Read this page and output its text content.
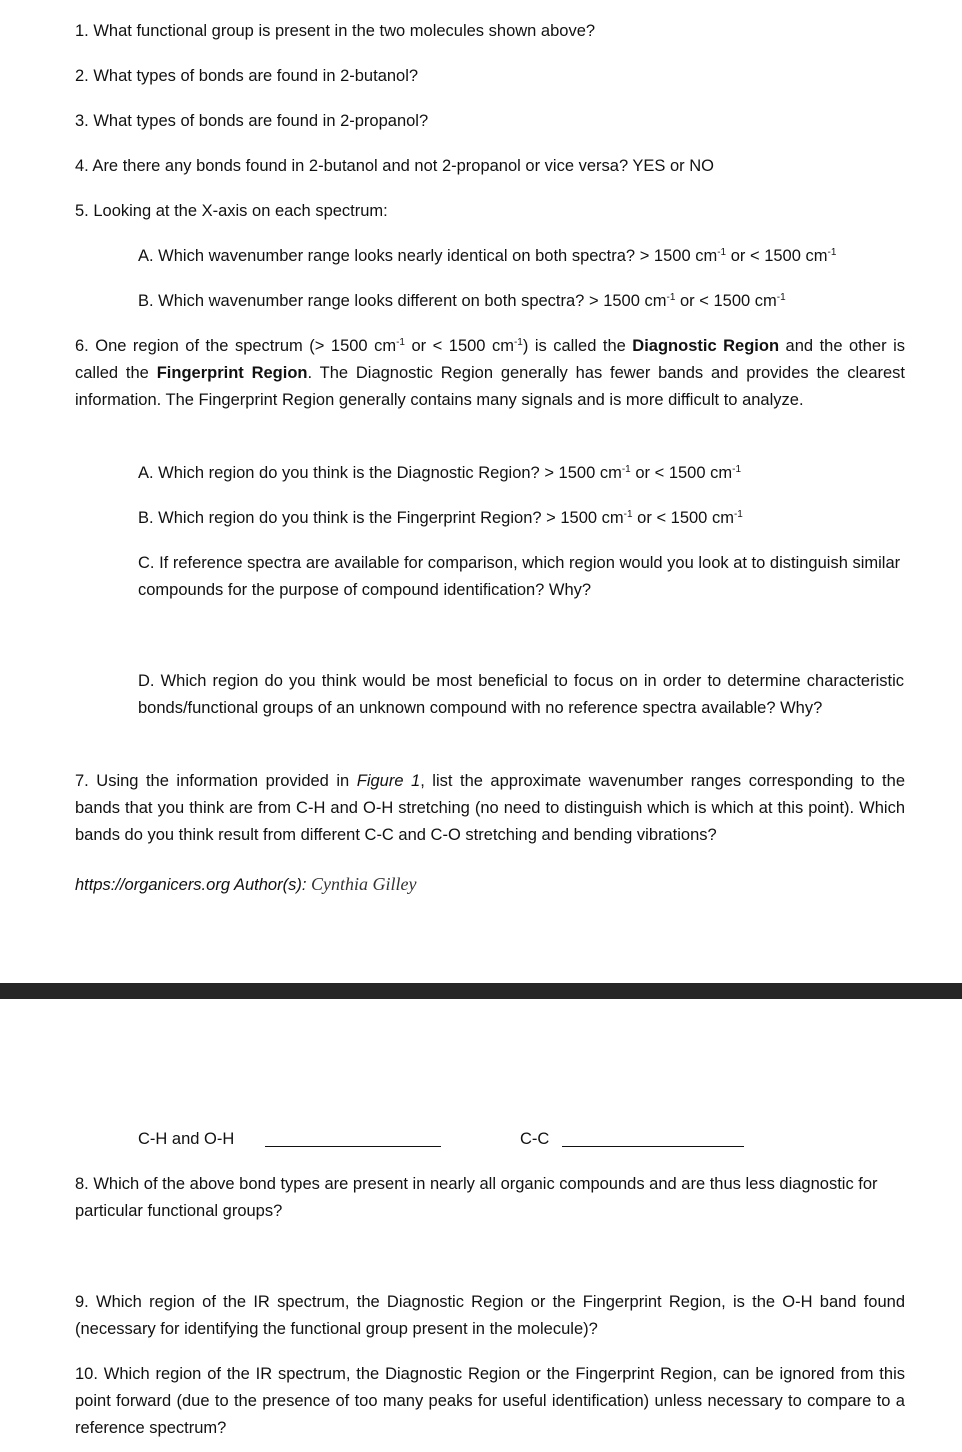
1. What functional group is present in the two molecules shown above?

2. What types of bonds are found in 2-butanol?

3. What types of bonds are found in 2-propanol?

4. Are there any bonds found in 2-butanol and not 2-propanol or vice versa? YES or NO

5. Looking at the X-axis on each spectrum:

A. Which wavenumber range looks nearly identical on both spectra? > 1500 $cm^{-1}$ or < 1500 $cm^{-1}$

B. Which wavenumber range looks different on both spectra? > 1500 $cm^{-1}$ or < 1500 $cm^{-1}$

6. One region of the spectrum (> 1500 $cm^{-1}$ or < 1500 $cm^{-1}$) is called the Diagnostic Region and the other is called the Fingerprint Region. The Diagnostic Region generally has fewer bands and provides the clearest information. The Fingerprint Region generally contains many signals and is more difficult to analyze.

A. Which region do you think is the Diagnostic Region? > 1500 $cm^{-1}$ or < 1500 $cm^{-1}$

B. Which region do you think is the Fingerprint Region? > 1500 $cm^{-1}$ or < 1500 $cm^{-1}$

C. If reference spectra are available for comparison, which region would you look at to distinguish similar compounds for the purpose of compound identification? Why?

D. Which region do you think would be most beneficial to focus on in order to determine characteristic bonds/functional groups of an unknown compound with no reference spectra available? Why?

7. Using the information provided in Figure 1, list the approximate wavenumber ranges corresponding to the bands that you think are from C-H and O-H stretching (no need to distinguish which is which at this point). Which bands do you think result from different C-C and C-O stretching and bending vibrations?

https://organicers.org Author(s): Cynthia Gilley
C-H and O-H	C-C

8. Which of the above bond types are present in nearly all organic compounds and are thus less diagnostic for particular functional groups?

9. Which region of the IR spectrum, the Diagnostic Region or the Fingerprint Region, is the O-H band found (necessary for identifying the functional group present in the molecule)?

10. Which region of the IR spectrum, the Diagnostic Region or the Fingerprint Region, can be ignored from this point forward (due to the presence of too many peaks for useful identification) unless necessary to compare to a reference spectrum?
